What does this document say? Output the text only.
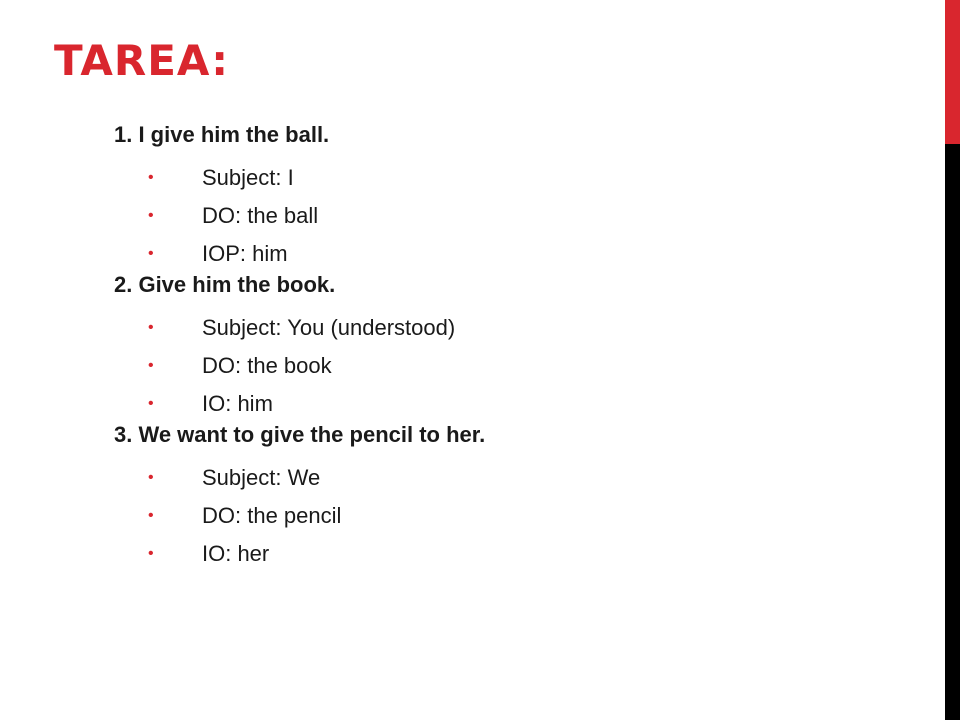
TAREA:
1. I give him the ball.
• Subject: I
• DO: the ball
• IOP: him
2. Give him the book.
• Subject: You (understood)
• DO: the book
• IO: him
3. We want to give the pencil to her.
• Subject: We
• DO: the pencil
• IO: her
